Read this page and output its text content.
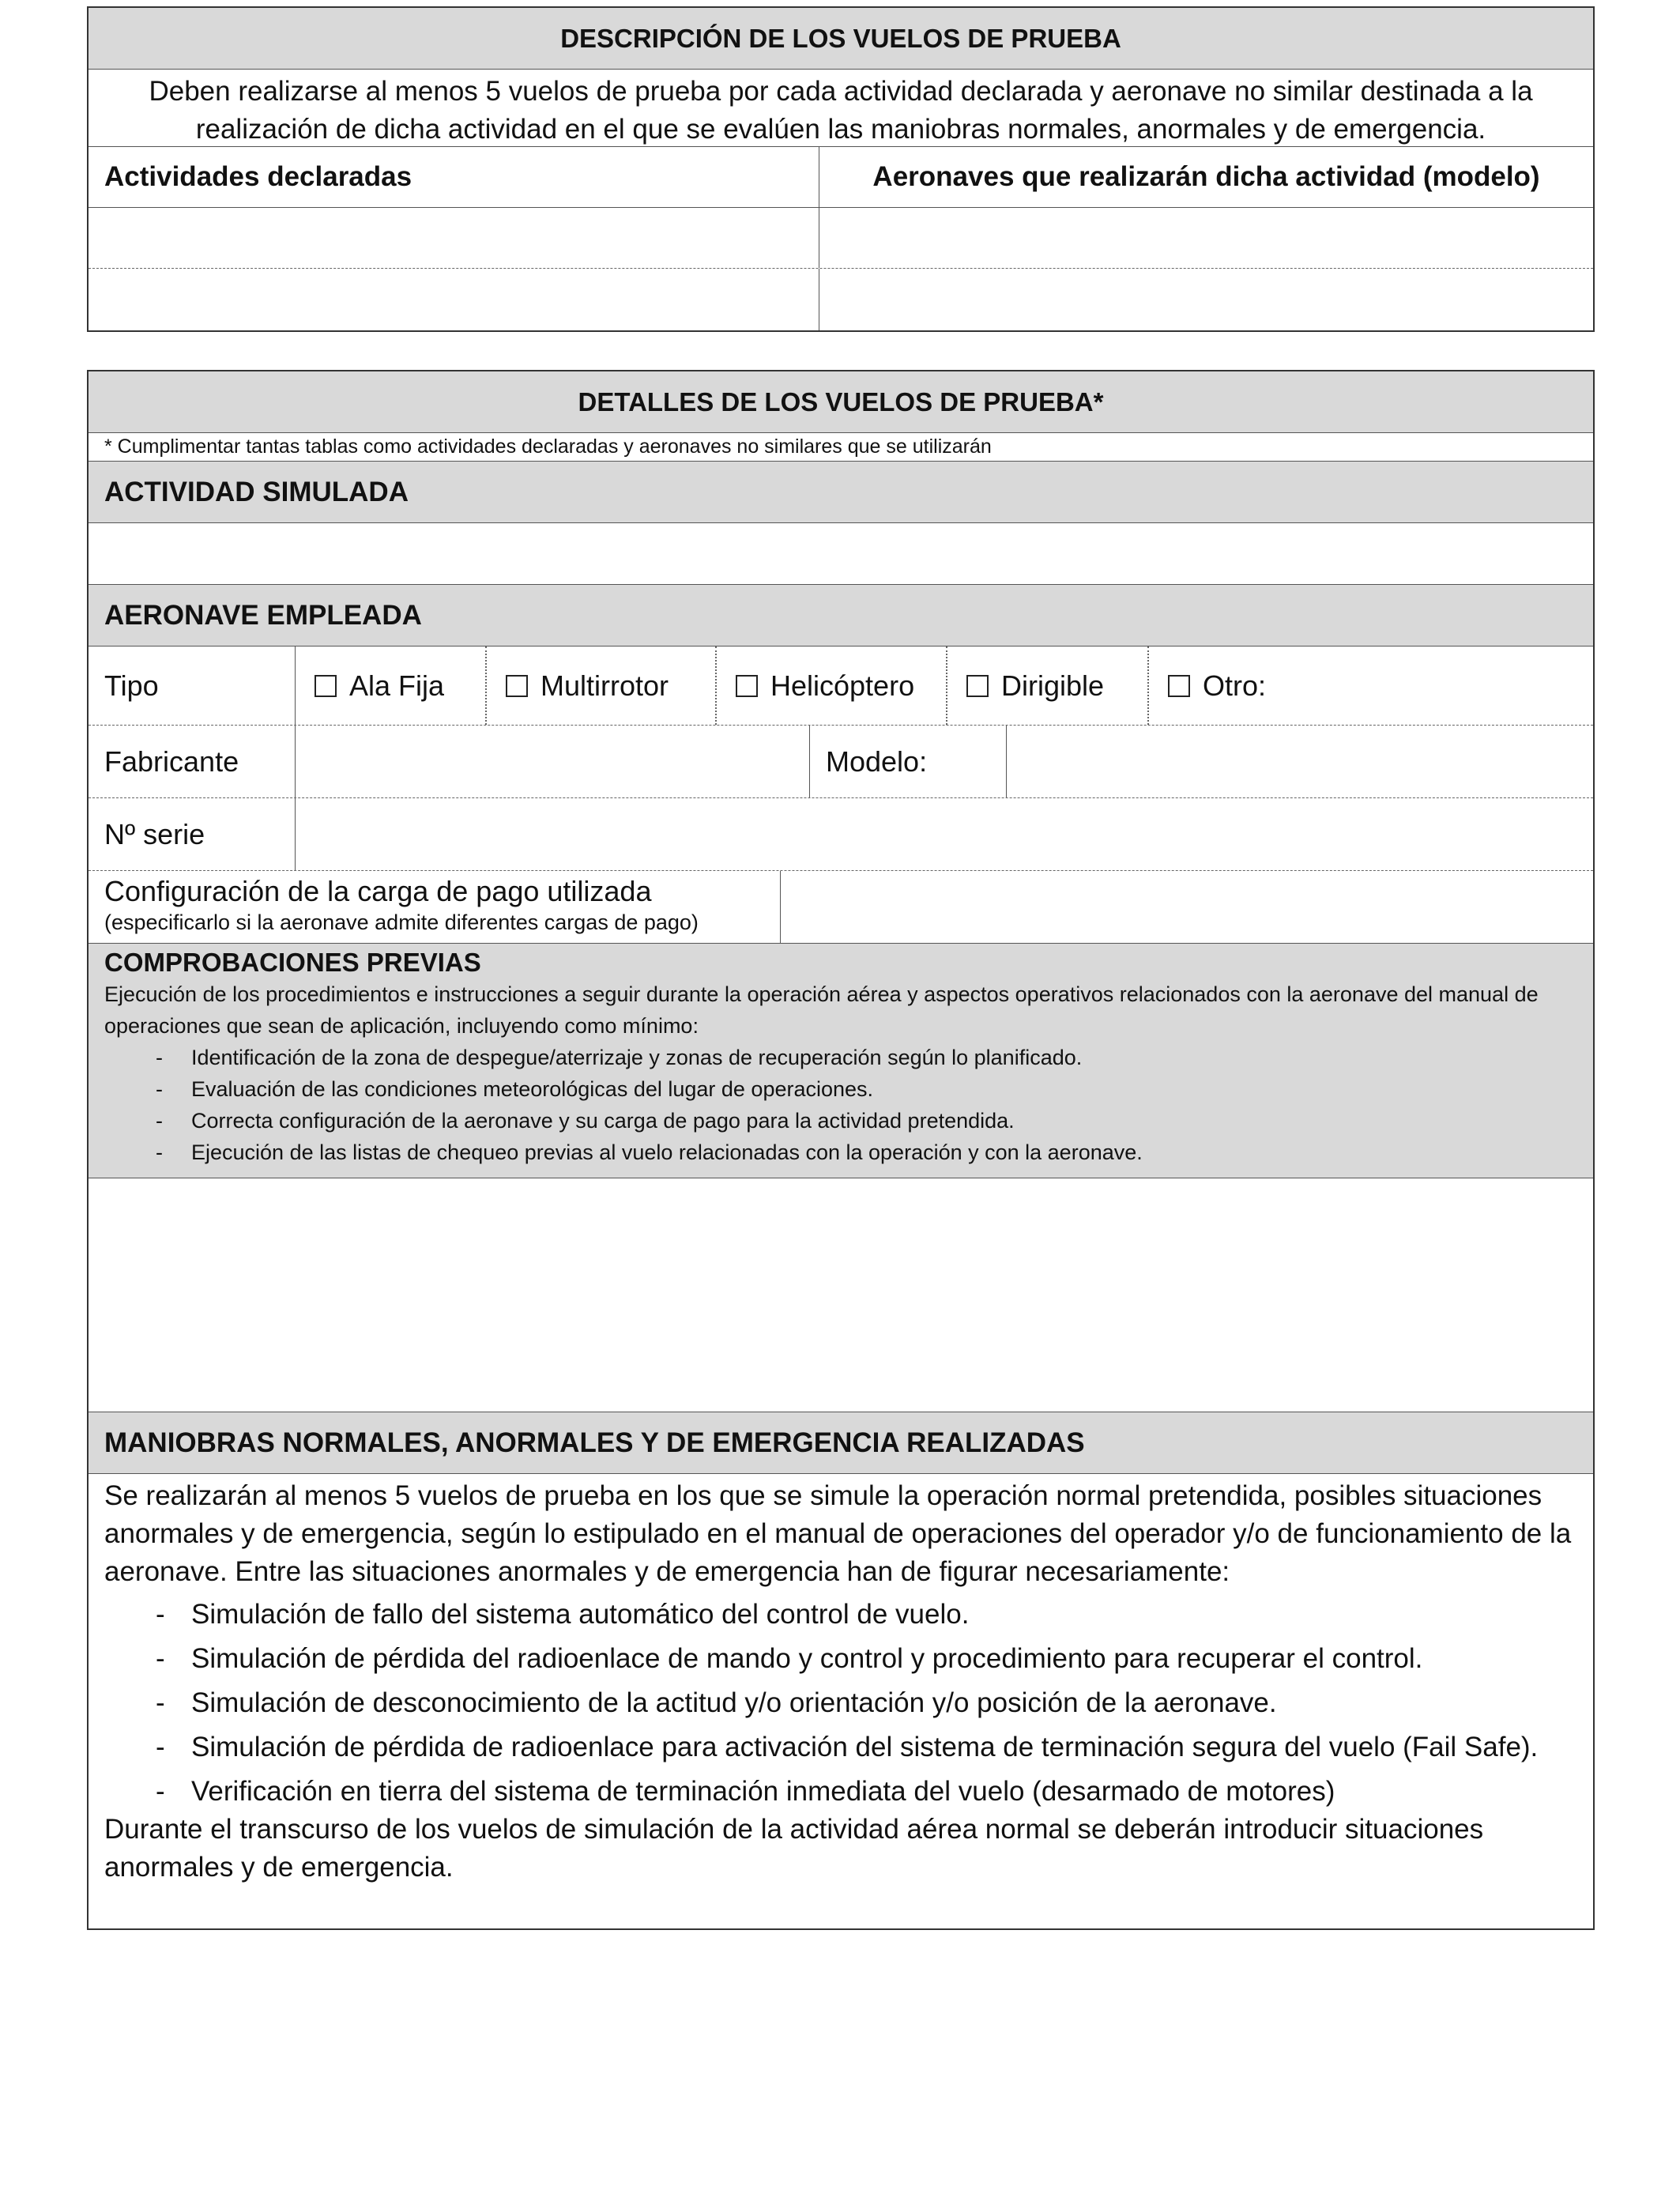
DESCRIPCIÓN DE LOS VUELOS DE PRUEBA
Deben realizarse al menos 5 vuelos de prueba por cada actividad declarada y aeronave no similar destinada a la realización de dicha actividad en el que se evalúen las maniobras normales, anormales y de emergencia.
Actividades declaradas	Aeronaves que realizarán dicha actividad (modelo)
DETALLES DE LOS VUELOS DE PRUEBA*
* Cumplimentar tantas tablas como actividades declaradas y aeronaves no similares que se utilizarán
ACTIVIDAD SIMULADA
AERONAVE EMPLEADA
Tipo	Ala Fija	Multirrotor	Helicóptero	Dirigible	Otro:
Fabricante	Modelo:
Nº serie
Configuración de la carga de pago utilizada
(especificarlo si la aeronave admite diferentes cargas de pago)
COMPROBACIONES PREVIAS
Ejecución de los procedimientos e instrucciones a seguir durante la operación aérea y aspectos operativos relacionados con la aeronave del manual de operaciones que sean de aplicación, incluyendo como mínimo:
- Identificación de la zona de despegue/aterrizaje y zonas de recuperación según lo planificado.
- Evaluación de las condiciones meteorológicas del lugar de operaciones.
- Correcta configuración de la aeronave y su carga de pago para la actividad pretendida.
- Ejecución de las listas de chequeo previas al vuelo relacionadas con la operación y con la aeronave.
MANIOBRAS NORMALES, ANORMALES Y DE EMERGENCIA REALIZADAS
Se realizarán al menos 5 vuelos de prueba en los que se simule la operación normal pretendida, posibles situaciones anormales y de emergencia, según lo estipulado en el manual de operaciones del operador y/o de funcionamiento de la aeronave. Entre las situaciones anormales y de emergencia han de figurar necesariamente:
- Simulación de fallo del sistema automático del control de vuelo.
- Simulación de pérdida del radioenlace de mando y control y procedimiento para recuperar el control.
- Simulación de desconocimiento de la actitud y/o orientación y/o posición de la aeronave.
- Simulación de pérdida de radioenlace para activación del sistema de terminación segura del vuelo (Fail Safe).
- Verificación en tierra del sistema de terminación inmediata del vuelo (desarmado de motores)
Durante el transcurso de los vuelos de simulación de la actividad aérea normal se deberán introducir situaciones anormales y de emergencia.
